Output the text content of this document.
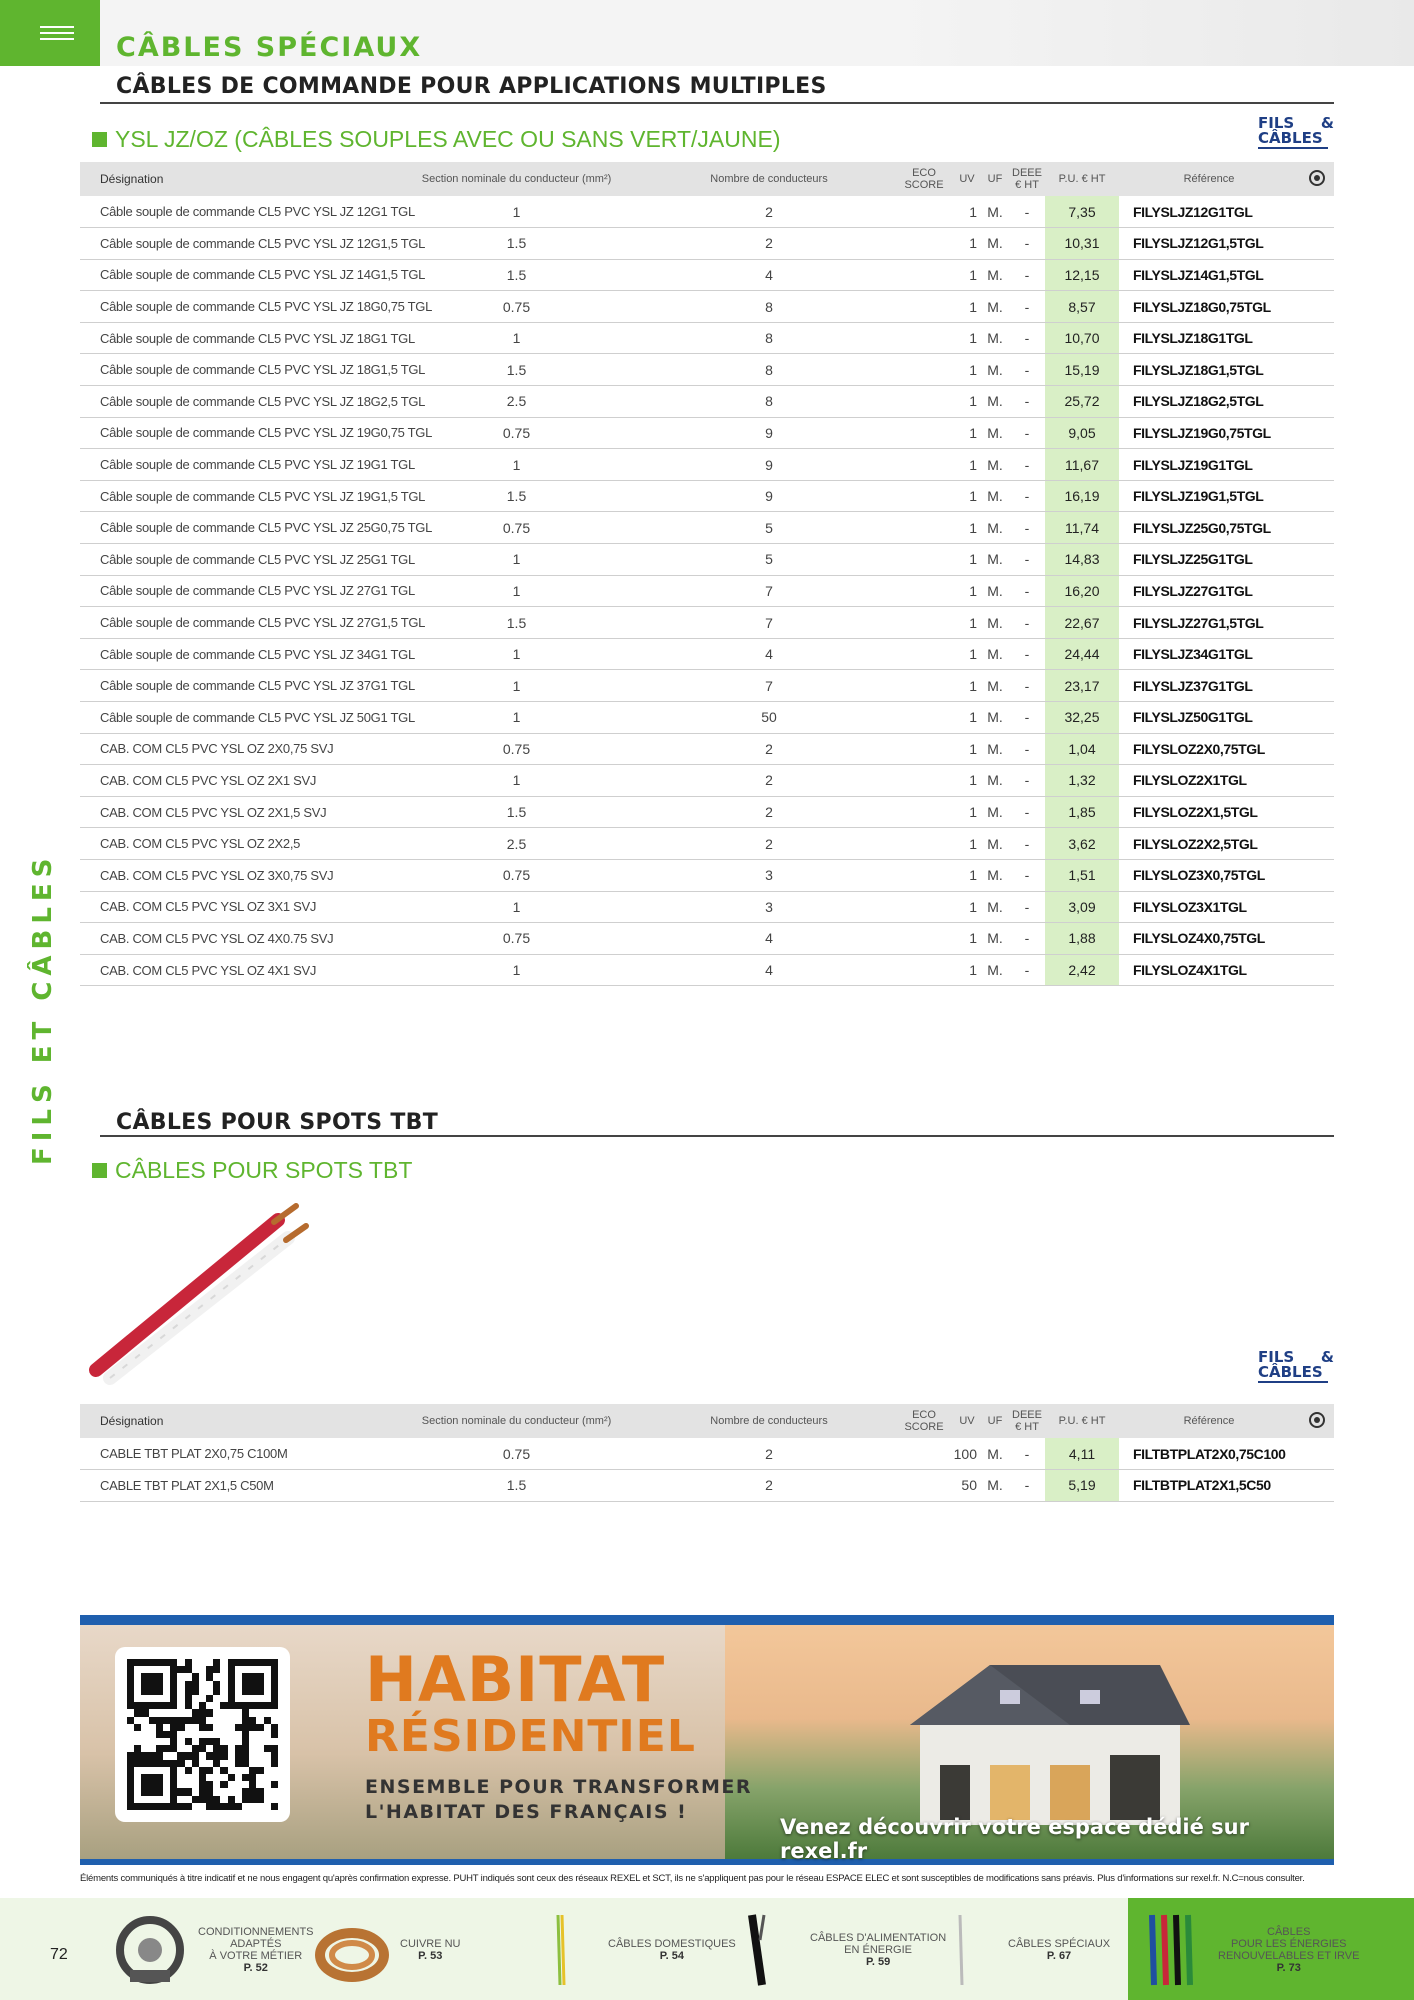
CÂBLES SPÉCIAUX
CÂBLES DE COMMANDE POUR APPLICATIONS MULTIPLES
YSL JZ/OZ (CÂBLES SOUPLES AVEC OU SANS VERT/JAUNE)
FILS &
CÂBLES
Désignation	Section nominale du conducteur (mm²)	Nombre de conducteurs	ECO SCORE	UV	UF	DEEE € HT	P.U. € HT	Référence	
Câble souple de commande CL5 PVC YSL JZ 12G1 TGL	1	2		1	M.	-	7,35	FILYSLJZ12G1TGL	
Câble souple de commande CL5 PVC YSL JZ 12G1,5 TGL	1.5	2		1	M.	-	10,31	FILYSLJZ12G1,5TGL	
Câble souple de commande CL5 PVC YSL JZ 14G1,5 TGL	1.5	4		1	M.	-	12,15	FILYSLJZ14G1,5TGL	
Câble souple de commande CL5 PVC YSL JZ 18G0,75 TGL	0.75	8		1	M.	-	8,57	FILYSLJZ18G0,75TGL	
Câble souple de commande CL5 PVC YSL JZ 18G1 TGL	1	8		1	M.	-	10,70	FILYSLJZ18G1TGL	
Câble souple de commande CL5 PVC YSL JZ 18G1,5 TGL	1.5	8		1	M.	-	15,19	FILYSLJZ18G1,5TGL	
Câble souple de commande CL5 PVC YSL JZ 18G2,5 TGL	2.5	8		1	M.	-	25,72	FILYSLJZ18G2,5TGL	
Câble souple de commande CL5 PVC YSL JZ 19G0,75 TGL	0.75	9		1	M.	-	9,05	FILYSLJZ19G0,75TGL	
Câble souple de commande CL5 PVC YSL JZ 19G1 TGL	1	9		1	M.	-	11,67	FILYSLJZ19G1TGL	
Câble souple de commande CL5 PVC YSL JZ 19G1,5 TGL	1.5	9		1	M.	-	16,19	FILYSLJZ19G1,5TGL	
Câble souple de commande CL5 PVC YSL JZ 25G0,75 TGL	0.75	5		1	M.	-	11,74	FILYSLJZ25G0,75TGL	
Câble souple de commande CL5 PVC YSL JZ 25G1 TGL	1	5		1	M.	-	14,83	FILYSLJZ25G1TGL	
Câble souple de commande CL5 PVC YSL JZ 27G1 TGL	1	7		1	M.	-	16,20	FILYSLJZ27G1TGL	
Câble souple de commande CL5 PVC YSL JZ 27G1,5 TGL	1.5	7		1	M.	-	22,67	FILYSLJZ27G1,5TGL	
Câble souple de commande CL5 PVC YSL JZ 34G1 TGL	1	4		1	M.	-	24,44	FILYSLJZ34G1TGL	
Câble souple de commande CL5 PVC YSL JZ 37G1 TGL	1	7		1	M.	-	23,17	FILYSLJZ37G1TGL	
Câble souple de commande CL5 PVC YSL JZ 50G1 TGL	1	50		1	M.	-	32,25	FILYSLJZ50G1TGL	
CAB. COM CL5 PVC YSL OZ 2X0,75 SVJ	0.75	2		1	M.	-	1,04	FILYSLOZ2X0,75TGL	
CAB. COM CL5 PVC YSL OZ 2X1 SVJ	1	2		1	M.	-	1,32	FILYSLOZ2X1TGL	
CAB. COM CL5 PVC YSL OZ 2X1,5 SVJ	1.5	2		1	M.	-	1,85	FILYSLOZ2X1,5TGL	
CAB. COM CL5 PVC YSL OZ 2X2,5	2.5	2		1	M.	-	3,62	FILYSLOZ2X2,5TGL	
CAB. COM CL5 PVC YSL OZ 3X0,75 SVJ	0.75	3		1	M.	-	1,51	FILYSLOZ3X0,75TGL	
CAB. COM CL5 PVC YSL OZ 3X1 SVJ	1	3		1	M.	-	3,09	FILYSLOZ3X1TGL	
CAB. COM CL5 PVC YSL OZ 4X0.75 SVJ	0.75	4		1	M.	-	1,88	FILYSLOZ4X0,75TGL	
CAB. COM CL5 PVC YSL OZ 4X1 SVJ	1	4		1	M.	-	2,42	FILYSLOZ4X1TGL	
FILS ET CÂBLES	CÂBLES POUR SPOTS TBT
CÂBLES POUR SPOTS TBT
FILS &
CÂBLES
Désignation	Section nominale du conducteur (mm²)	Nombre de conducteurs	ECO SCORE	UV	UF	DEEE € HT	P.U. € HT	Référence	
CABLE TBT PLAT 2X0,75 C100M	0.75	2		100	M.	-	4,11	FILTBTPLAT2X0,75C100	
CABLE TBT PLAT 2X1,5 C50M	1.5	2		50	M.	-	5,19	FILTBTPLAT2X1,5C50	
HABITAT
RÉSIDENTIEL
ENSEMBLE POUR TRANSFORMER
L'HABITAT DES FRANÇAIS !
Venez découvrir votre espace dédié sur rexel.fr
Éléments communiqués à titre indicatif et ne nous engagent qu'après confirmation expresse. PUHT indiqués sont ceux des réseaux REXEL et SCT, ils ne s'appliquent pas pour le réseau ESPACE ELEC et sont susceptibles de modifications sans préavis. Plus d'informations sur rexel.fr. N.C=nous consulter.
72
CONDITIONNEMENTS
ADAPTÉS
À VOTRE MÉTIER
P. 52
CUIVRE NU
P. 53
CÂBLES DOMESTIQUES
P. 54
CÂBLES D'ALIMENTATION
EN ÉNERGIE
P. 59
CÂBLES SPÉCIAUX
P. 67
CÂBLES
POUR LES ÉNERGIES
RENOUVELABLES ET IRVE
P. 73
